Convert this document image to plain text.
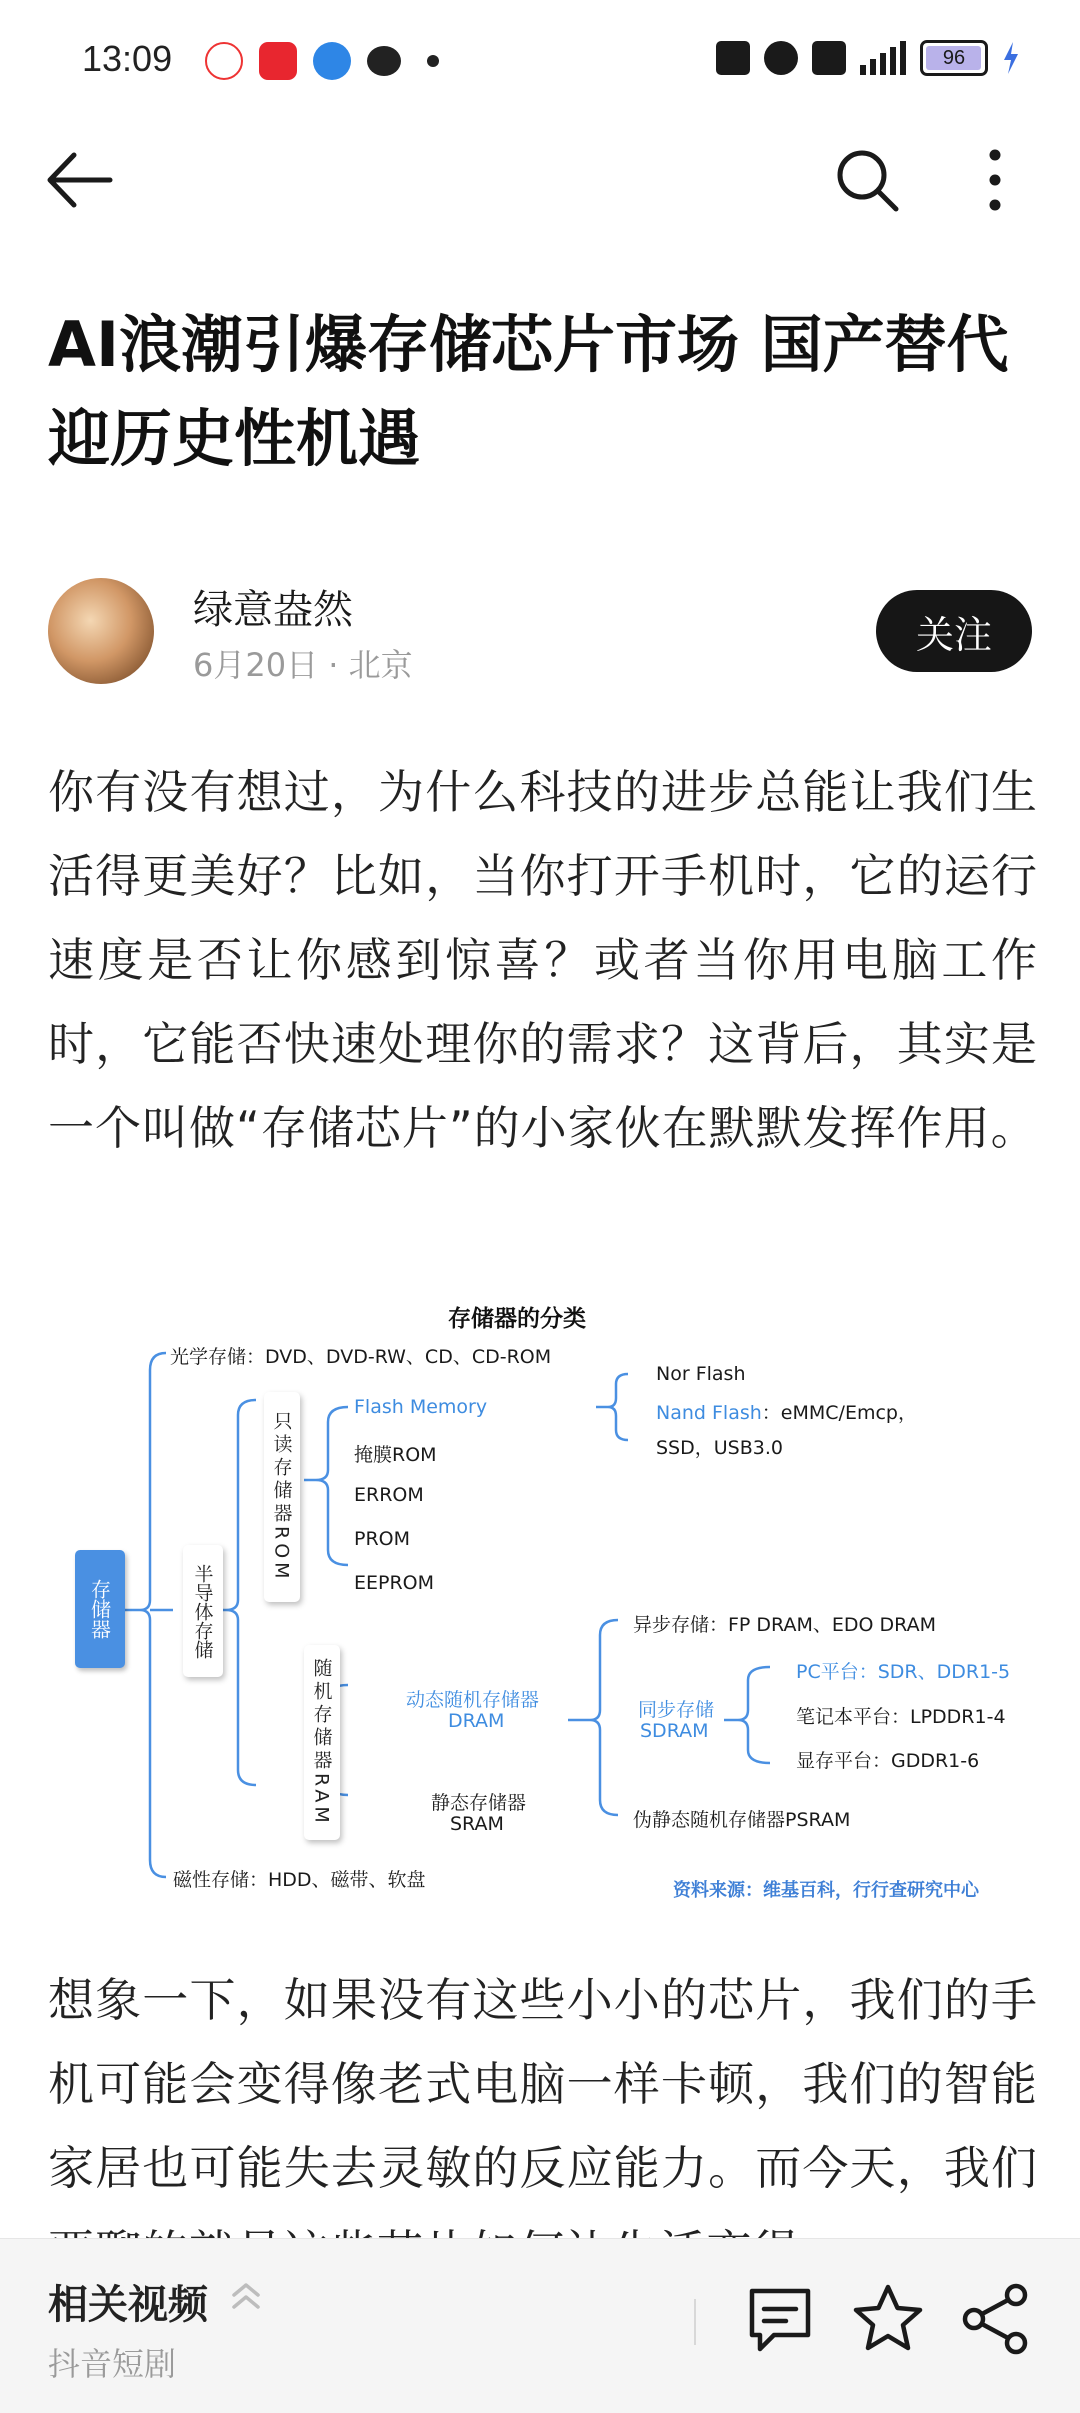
13:09	96
AI浪潮引爆存储芯片市场 国产替代迎历史性机遇
绿意盎然
6月20日 · 北京
关注
你有没有想过，为什么科技的进步总能让我们生活得更美好？比如，当你打开手机时，它的运行速度是否让你感到惊喜？或者当你用电脑工作时，它能否快速处理你的需求？这背后，其实是一个叫做“存储芯片”的小家伙在默默发挥作用。
存储器的分类
存储器
光学存储：DVD、DVD-RW、CD、CD-ROM
半导体存储
只读存储器ROM
Flash Memory
掩膜ROM
ERROM
PROM
EEPROM
Nor Flash
Nand Flash：eMMC/Emcp，
SSD，USB3.0
随机存储器RAM	动态随机存储器
DRAM
静态存储器
SRAM
异步存储：FP DRAM、EDO DRAM
同步存储
SDRAM
PC平台：SDR、DDR1-5
笔记本平台：LPDDR1-4
显存平台：GDDR1-6
伪静态随机存储器PSRAM
磁性存储：HDD、磁带、软盘	资料来源：维基百科，行行查研究中心
想象一下，如果没有这些小小的芯片，我们的手机可能会变得像老式电脑一样卡顿，我们的智能家居也可能失去灵敏的反应能力。而今天，我们
相关视频
抖音短剧
